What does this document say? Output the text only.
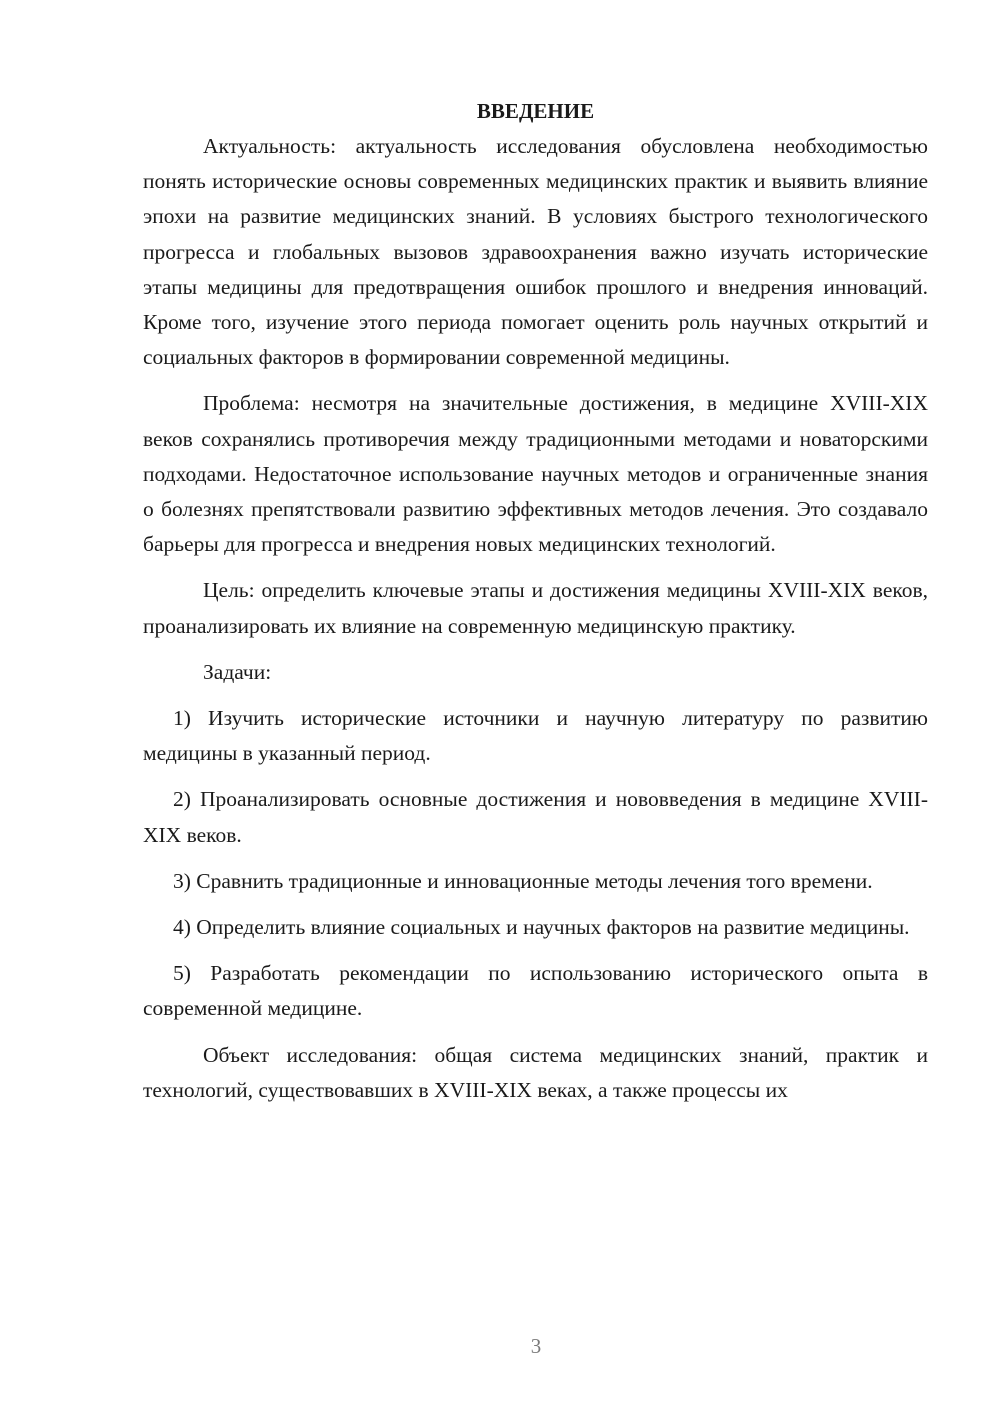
ВВЕДЕНИЕ

Актуальность: актуальность исследования обусловлена необходимостью понять исторические основы современных медицинских практик и выявить влияние эпохи на развитие медицинских знаний. В условиях быстрого технологического прогресса и глобальных вызовов здравоохранения важно изучать исторические этапы медицины для предотвращения ошибок прошлого и внедрения инноваций. Кроме того, изучение этого периода помогает оценить роль научных открытий и социальных факторов в формировании современной медицины.

Проблема: несмотря на значительные достижения, в медицине XVIII-XIX веков сохранялись противоречия между традиционными методами и новаторскими подходами. Недостаточное использование научных методов и ограниченные знания о болезнях препятствовали развитию эффективных методов лечения. Это создавало барьеры для прогресса и внедрения новых медицинских технологий.

Цель: определить ключевые этапы и достижения медицины XVIII-XIX веков, проанализировать их влияние на современную медицинскую практику.

Задачи:

1) Изучить исторические источники и научную литературу по развитию медицины в указанный период.

2) Проанализировать основные достижения и нововведения в медицине XVIII-XIX веков.

3) Сравнить традиционные и инновационные методы лечения того времени.

4) Определить влияние социальных и научных факторов на развитие медицины.

5) Разработать рекомендации по использованию исторического опыта в современной медицине.

Объект исследования: общая система медицинских знаний, практик и технологий, существовавших в XVIII-XIX веках, а также процессы их

3
